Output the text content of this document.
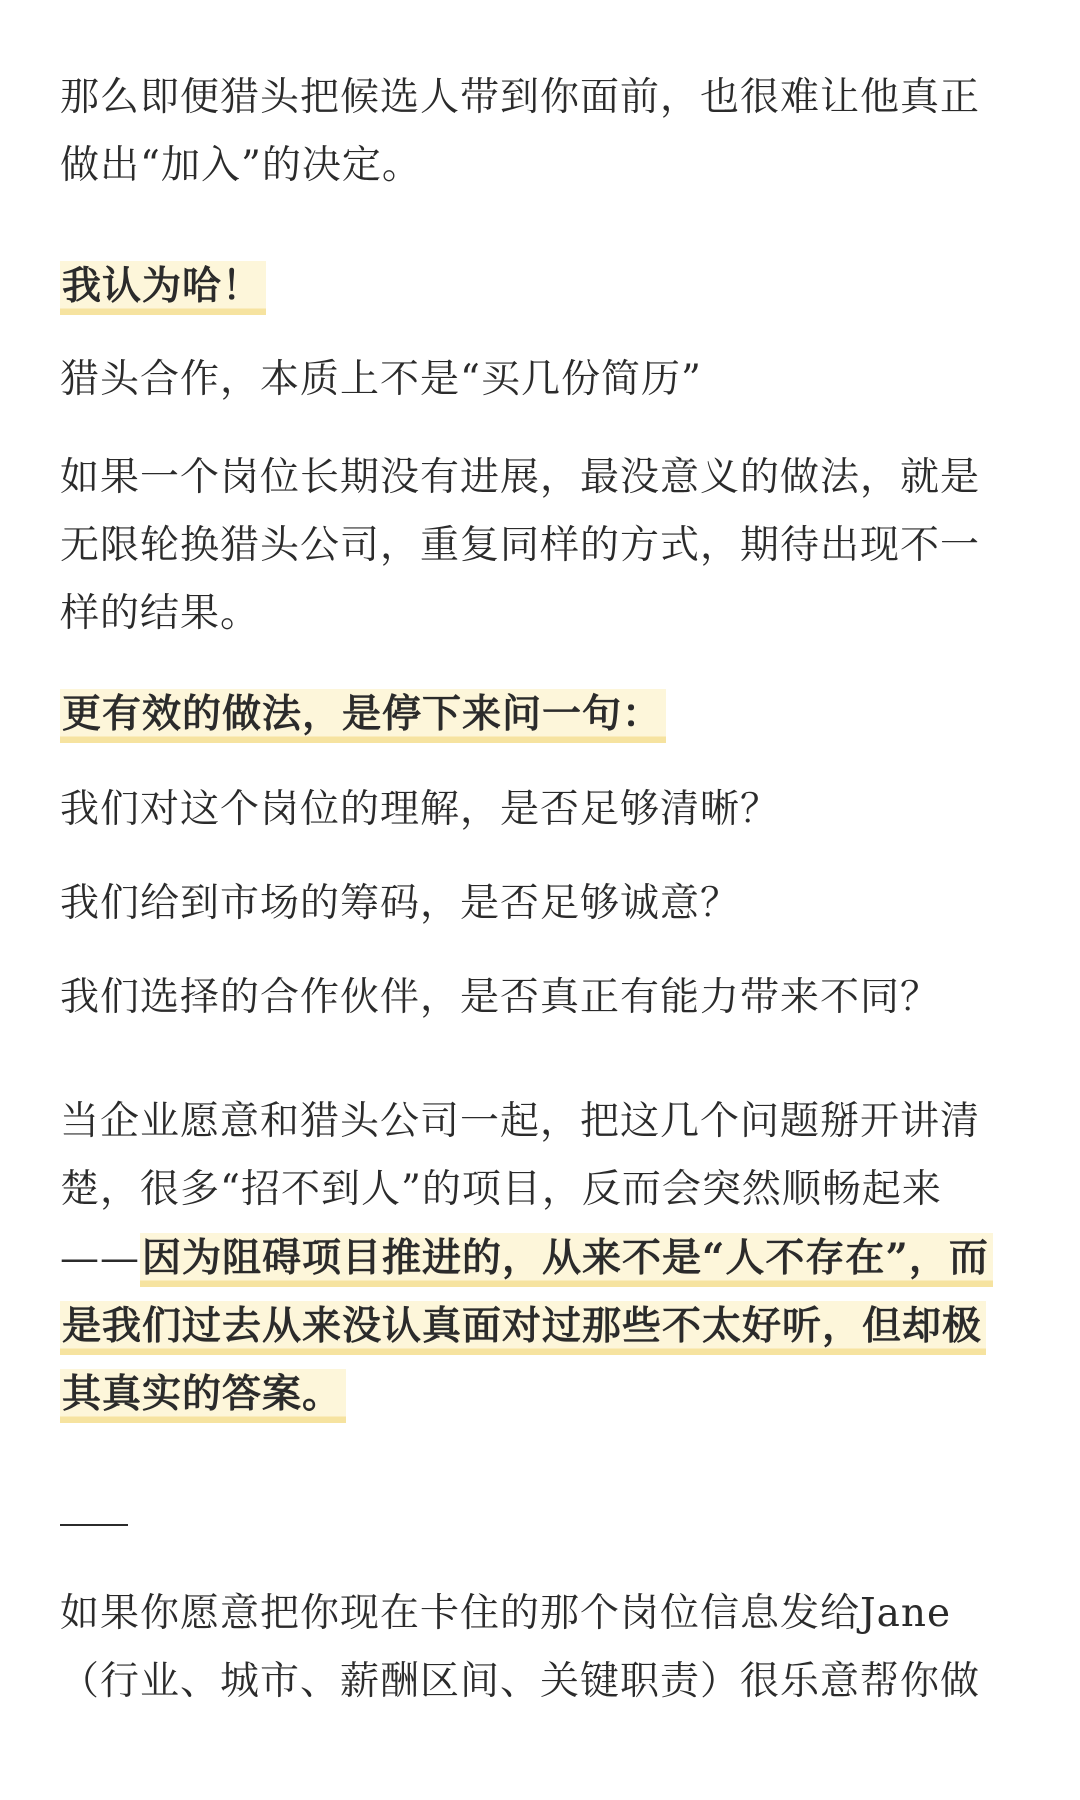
那么即便猎头把候选人带到你面前，也很难让他真正
做出“加入”的决定。
我认为哈！
猎头合作，本质上不是“买几份简历”
如果一个岗位长期没有进展，最没意义的做法，就是
无限轮换猎头公司，重复同样的方式，期待出现不一
样的结果。
更有效的做法，是停下来问一句：
我们对这个岗位的理解，是否足够清晰？
我们给到市场的筹码，是否足够诚意？
我们选择的合作伙伴，是否真正有能力带来不同？
当企业愿意和猎头公司一起，把这几个问题掰开讲清
楚，很多“招不到人”的项目，反而会突然顺畅起来
——因为阻碍项目推进的，从来不是“人不存在”，而
是我们过去从来没认真面对过那些不太好听，但却极
其真实的答案。
如果你愿意把你现在卡住的那个岗位信息发给Jane
（行业、城市、薪酬区间、关键职责）很乐意帮你做
